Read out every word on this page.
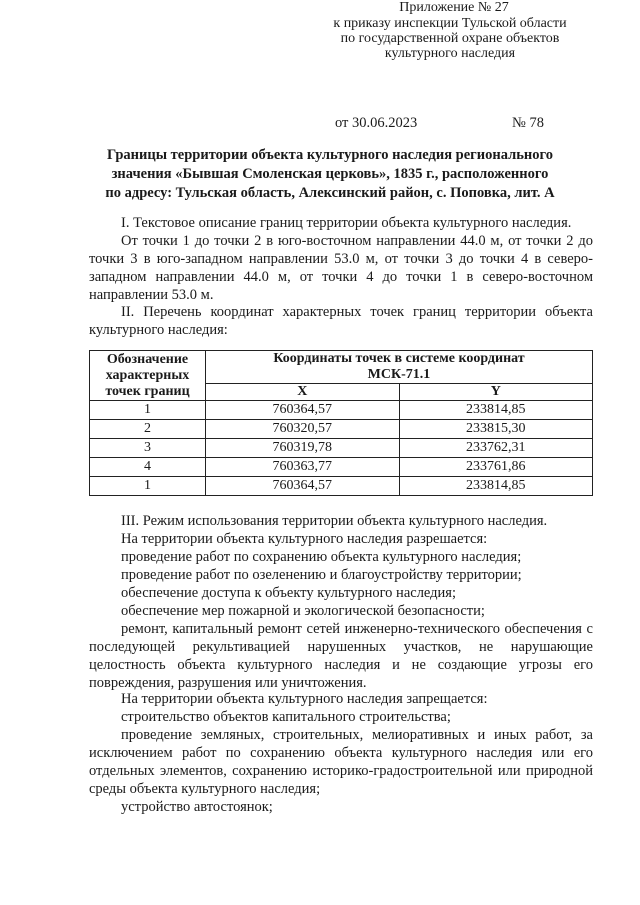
Приложение № 27
к приказу инспекции Тульской области
по государственной охране объектов
культурного наследия
от 30.06.2023	№ 78
Границы территории объекта культурного наследия регионального
значения «Бывшая Смоленская церковь», 1835 г., расположенного
по адресу: Тульская область, Алексинский район, с. Поповка, лит. А
I. Текстовое описание границ территории объекта культурного наследия.
От точки 1 до точки 2 в юго-восточном направлении 44.0 м, от точки 2 до точки 3 в юго-западном направлении 53.0 м, от точки 3 до точки 4 в северо-западном направлении 44.0 м, от точки 4 до точки 1 в северо-восточном направлении 53.0 м.
II. Перечень координат характерных точек границ территории объекта культурного наследия:
Обозначение характерных точек границ	Координаты точек в системе координат МСК-71.1	
	X	Y
1	760364,57	233814,85
2	760320,57	233815,30
3	760319,78	233762,31
4	760363,77	233761,86
1	760364,57	233814,85
III. Режим использования территории объекта культурного наследия.
На территории объекта культурного наследия разрешается:
проведение работ по сохранению объекта культурного наследия;
проведение работ по озеленению и благоустройству территории;
обеспечение доступа к объекту культурного наследия;
обеспечение мер пожарной и экологической безопасности;
ремонт, капитальный ремонт сетей инженерно-технического обеспечения с последующей рекультивацией нарушенных участков, не нарушающие целостность объекта культурного наследия и не создающие угрозы его повреждения, разрушения или уничтожения.
На территории объекта культурного наследия запрещается:
строительство объектов капитального строительства;
проведение земляных, строительных, мелиоративных и иных работ, за исключением работ по сохранению объекта культурного наследия или его отдельных элементов, сохранению историко-градостроительной или природной среды объекта культурного наследия;
устройство автостоянок;
